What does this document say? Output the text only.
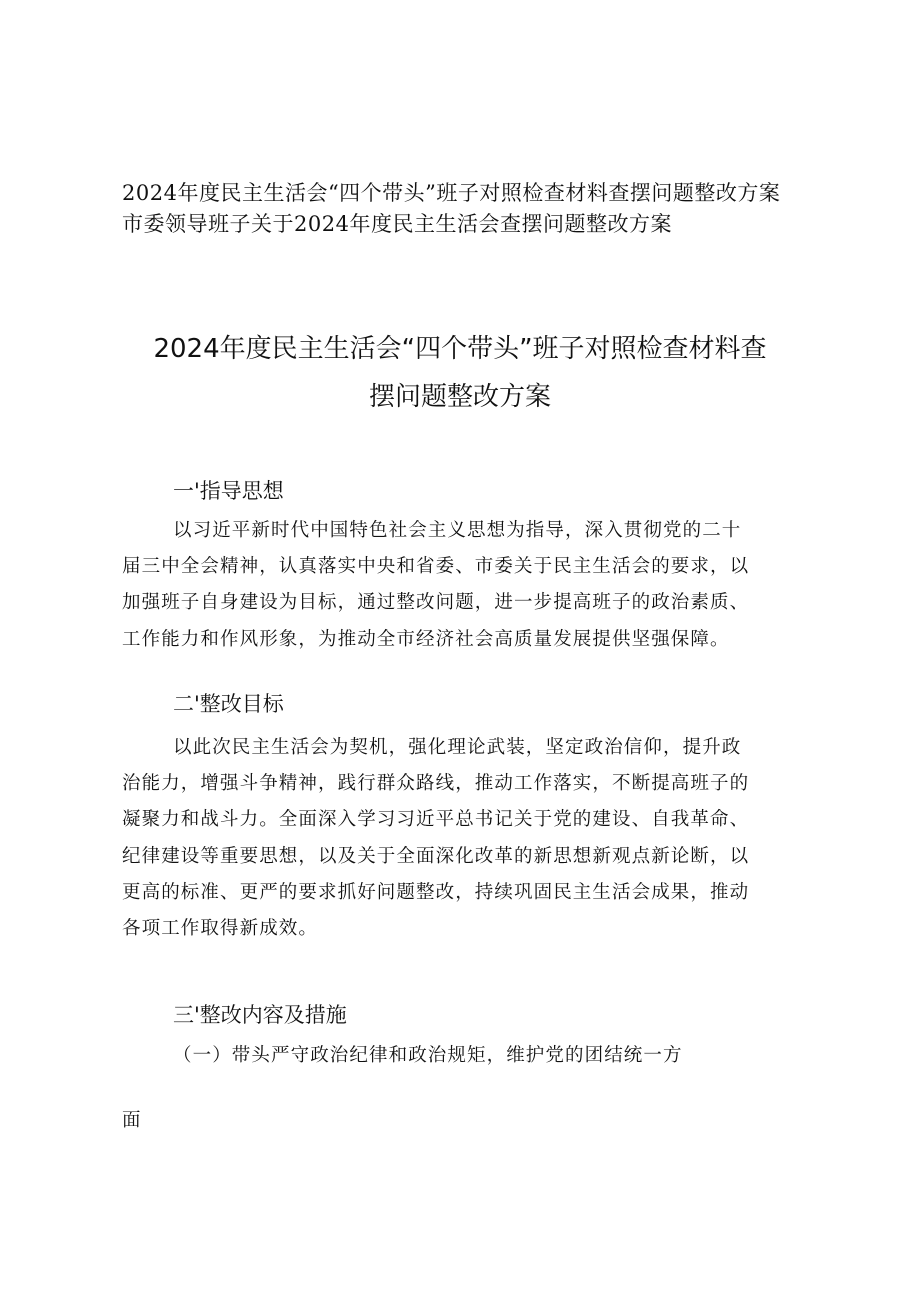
2024年度民主生活会“四个带头”班子对照检查材料查摆问题整改方案
市委领导班子关于2024年度民主生活会查摆问题整改方案
2024年度民主生活会“四个带头”班子对照检查材料查
摆问题整改方案
一'指导思想
以习近平新时代中国特色社会主义思想为指导，深入贯彻党的二十
届三中全会精神，认真落实中央和省委、市委关于民主生活会的要求，以
加强班子自身建设为目标，通过整改问题，进一步提高班子的政治素质、
工作能力和作风形象，为推动全市经济社会高质量发展提供坚强保障。
二'整改目标
以此次民主生活会为契机，强化理论武装，坚定政治信仰，提升政
治能力，增强斗争精神，践行群众路线，推动工作落实，不断提高班子的
凝聚力和战斗力。全面深入学习习近平总书记关于党的建设、自我革命、
纪律建设等重要思想，以及关于全面深化改革的新思想新观点新论断，以
更高的标准、更严的要求抓好问题整改，持续巩固民主生活会成果，推动
各项工作取得新成效。
三'整改内容及措施
（一）带头严守政治纪律和政治规矩，维护党的团结统一方
面
